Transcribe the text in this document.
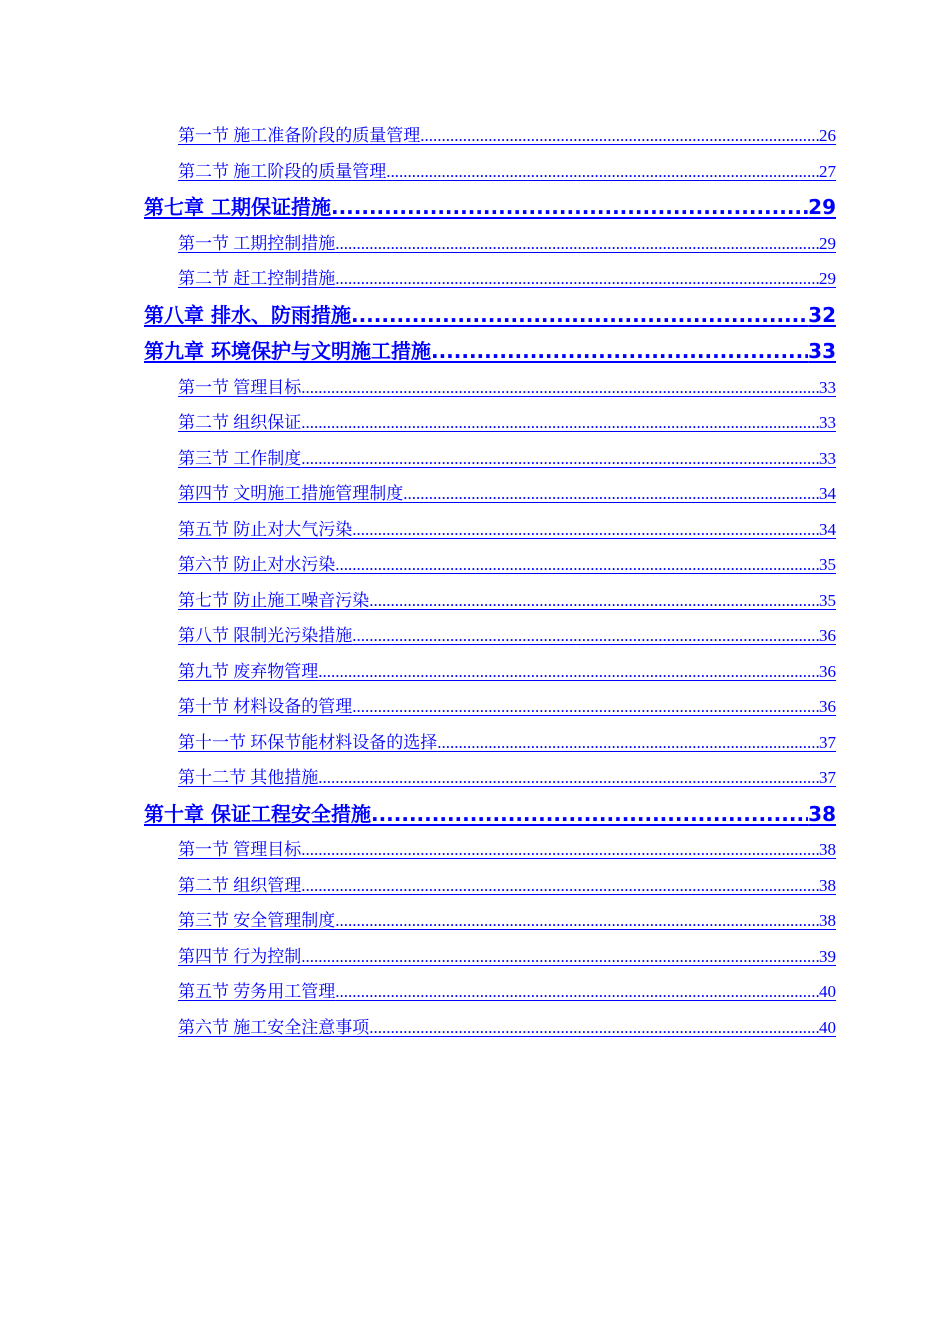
第一节 施工准备阶段的质量管理 .....	26
第二节 施工阶段的质量管理 .....	27
第七章 工期保证措施 .....	29
第一节 工期控制措施 .....	29
第二节 赶工控制措施 .....	29
第八章 排水、防雨措施 .....	32
第九章 环境保护与文明施工措施 .....	33
第一节 管理目标 .....	33
第二节 组织保证 .....	33
第三节 工作制度 .....	33
第四节 文明施工措施管理制度 .....	34
第五节 防止对大气污染 .....	34
第六节 防止对水污染 .....	35
第七节 防止施工噪音污染 .....	35
第八节 限制光污染措施 .....	36
第九节 废弃物管理 .....	36
第十节 材料设备的管理 .....	36
第十一节 环保节能材料设备的选择 .....	37
第十二节 其他措施 .....	37
第十章 保证工程安全措施 .....	38
第一节 管理目标 .....	38
第二节 组织管理 .....	38
第三节 安全管理制度 .....	38
第四节 行为控制 .....	39
第五节 劳务用工管理 .....	40
第六节 施工安全注意事项 .....	40
